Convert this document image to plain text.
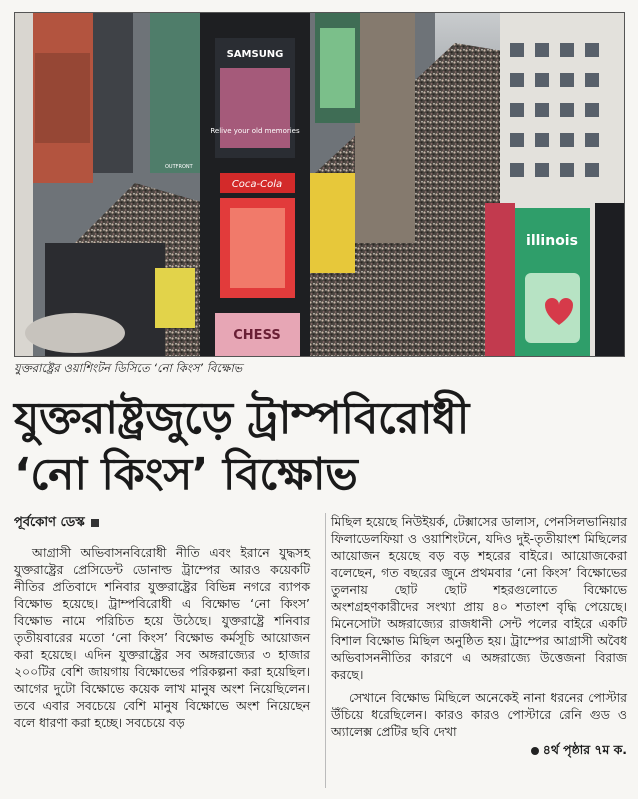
SAMSUNG
Relive your old memories
Coca-Cola
CHESS
OUTFRONT
illinois
যুক্তরাষ্ট্রের ওয়াশিংটন ডিসিতে ‘নো কিংস’ বিক্ষোভ
যুক্তরাষ্ট্রজুড়ে ট্রাম্পবিরোধী
‘নো কিংস’ বিক্ষোভ
পূর্বকোণ ডেস্ক

আগ্রাসী অভিবাসনবিরোধী নীতি এবং ইরানে যুদ্ধসহ যুক্তরাষ্ট্রের প্রেসিডেন্ট ডোনাল্ড ট্রাম্পের আরও কয়েকটি নীতির প্রতিবাদে শনিবার যুক্তরাষ্ট্রের বিভিন্ন নগরে ব্যাপক বিক্ষোভ হয়েছে। ট্রাম্পবিরোধী এ বিক্ষোভ ‘নো কিংস’ বিক্ষোভ নামে পরিচিত হয়ে উঠেছে। যুক্তরাষ্ট্রে শনিবার তৃতীয়বারের মতো ‘নো কিংস’ বিক্ষোভ কর্মসূচি আয়োজন করা হয়েছে। এদিন যুক্তরাষ্ট্রের সব অঙ্গরাজ্যের ৩ হাজার ২০০টির বেশি জায়গায় বিক্ষোভের পরিকল্পনা করা হয়েছিল। আগের দুটো বিক্ষোভে কয়েক লাখ মানুষ অংশ নিয়েছিলেন। তবে এবার সবচেয়ে বেশি মানুষ বিক্ষোভে অংশ নিয়েছেন বলে ধারণা করা হচ্ছে। সবচেয়ে বড়

মিছিল হয়েছে নিউইয়র্ক, টেক্সাসের ডালাস, পেনসিলভানিয়ার ফিলাডেলফিয়া ও ওয়াশিংটনে, যদিও দুই-তৃতীয়াংশ মিছিলের আয়োজন হয়েছে বড় বড় শহরের বাইরে। আয়োজকেরা বলেছেন, গত বছরের জুনে প্রথমবার ‘নো কিংস’ বিক্ষোভের তুলনায় ছোট ছোট শহরগুলোতে বিক্ষোভে অংশগ্রহণকারীদের সংখ্যা প্রায় ৪০ শতাংশ বৃদ্ধি পেয়েছে। মিনেসোটা অঙ্গরাজ্যের রাজধানী সেন্ট পলের বাইরে একটি বিশাল বিক্ষোভ মিছিল অনুষ্ঠিত হয়। ট্রাম্পের আগ্রাসী অবৈধ অভিবাসননীতির কারণে এ অঙ্গরাজ্যে উত্তেজনা বিরাজ করছে।

সেখানে বিক্ষোভ মিছিলে অনেকেই নানা ধরনের পোস্টার উঁচিয়ে ধরেছিলেন। কারও কারও পোস্টারে রেনি গুড ও অ্যালেক্স প্রেটির ছবি দেখা

৪র্থ পৃষ্ঠার ৭ম ক.
